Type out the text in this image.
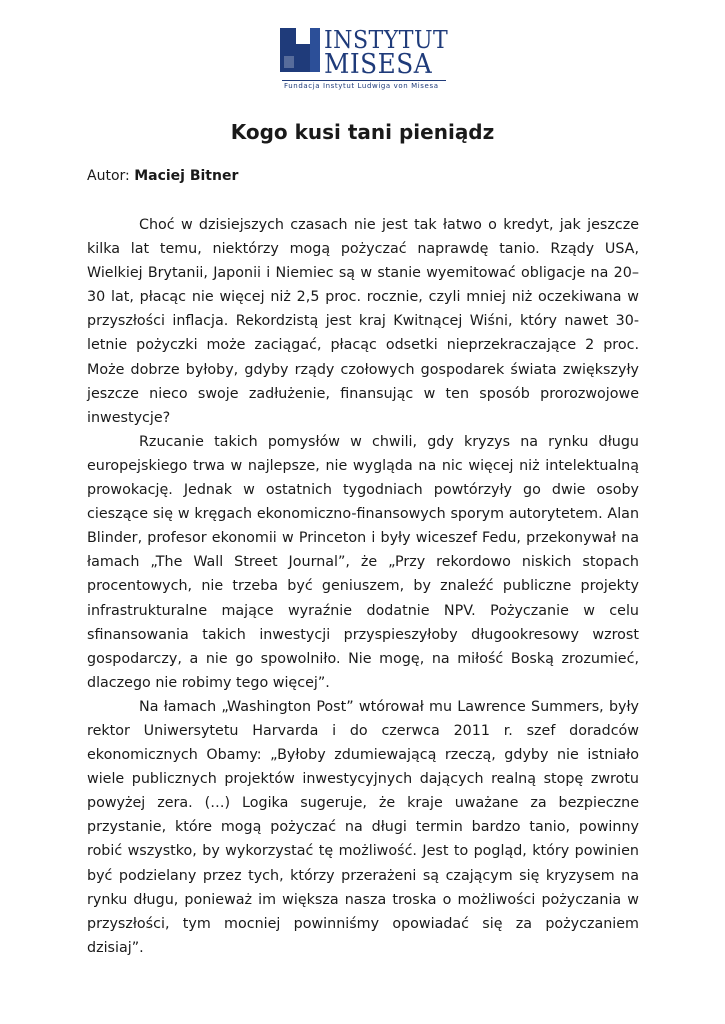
INSTYTUT
MISESA
Fundacja Instytut Ludwiga von Misesa
Kogo kusi tani pieniądz
Autor: Maciej Bitner

Choć w dzisiejszych czasach nie jest tak łatwo o kredyt, jak jeszcze kilka lat temu, niektórzy mogą pożyczać naprawdę tanio. Rządy USA, Wielkiej Brytanii, Japonii i Niemiec są w stanie wyemitować obligacje na 20–30 lat, płacąc nie więcej niż 2,5 proc. rocznie, czyli mniej niż oczekiwana w przyszłości inflacja. Rekordzistą jest kraj Kwitnącej Wiśni, który nawet 30-letnie pożyczki może zaciągać, płacąc odsetki nieprzekraczające 2 proc. Może dobrze byłoby, gdyby rządy czołowych gospodarek świata zwiększyły jeszcze nieco swoje zadłużenie, finansując w ten sposób prorozwojowe inwestycje?

Rzucanie takich pomysłów w chwili, gdy kryzys na rynku długu europejskiego trwa w najlepsze, nie wygląda na nic więcej niż intelektualną prowokację. Jednak w ostatnich tygodniach powtórzyły go dwie osoby cieszące się w kręgach ekonomiczno-finansowych sporym autorytetem. Alan Blinder, profesor ekonomii w Princeton i były wiceszef Fedu, przekonywał na łamach „The Wall Street Journal”, że „Przy rekordowo niskich stopach procentowych, nie trzeba być geniuszem, by znaleźć publiczne projekty infrastrukturalne mające wyraźnie dodatnie NPV. Pożyczanie w celu sfinansowania takich inwestycji przyspieszyłoby długookresowy wzrost gospodarczy, a nie go spowolniło. Nie mogę, na miłość Boską zrozumieć, dlaczego nie robimy tego więcej”.

Na łamach „Washington Post” wtórował mu Lawrence Summers, były rektor Uniwersytetu Harvarda i do czerwca 2011 r. szef doradców ekonomicznych Obamy: „Byłoby zdumiewającą rzeczą, gdyby nie istniało wiele publicznych projektów inwestycyjnych dających realną stopę zwrotu powyżej zera. (…) Logika sugeruje, że kraje uważane za bezpieczne przystanie, które mogą pożyczać na długi termin bardzo tanio, powinny robić wszystko, by wykorzystać tę możliwość. Jest to pogląd, który powinien być podzielany przez tych, którzy przerażeni są czającym się kryzysem na rynku długu, ponieważ im większa nasza troska o możliwości pożyczania w przyszłości, tym mocniej powinniśmy opowiadać się za pożyczaniem dzisiaj”.
